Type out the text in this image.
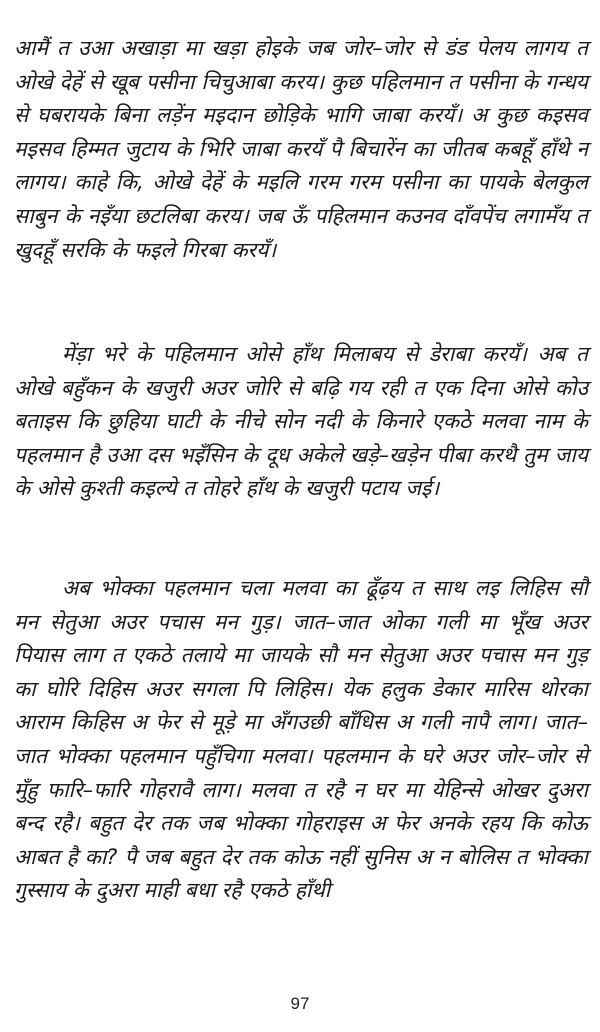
आमैं त उआ अखाड़ा मा खड़ा होइके जब जोर–जोर से डंड पेलय लागय त ओखे देहें से खूब पसीना चिचुआबा करय। कुछ पहिलमान त पसीना के गन्धय से घबरायके बिना लड़ेंन मइदान छोड़िके भागि जाबा करयँ। अ कुछ कइसव मइसव हिम्मत जुटाय के भिरि जाबा करयँ पै बिचारेंन का जीतब कबहूँ हाँथे न लागय। काहे कि, ओखे देहें के मइलि गरम गरम पसीना का पायके बेलकुल साबुन के नइँया छटलिबा करय। जब ऊँ पहिलमान कउनव दाँवपेंच लगामँय त खुदहूँ सरकि के फइले गिरबा करयँ।

मेंड़ा भरे के पहिलमान ओसे हाँथ मिलाबय से डेराबा करयँ। अब त ओखे बहुँकन के खजुरी अउर जोरि से बढ़ि गय रही त एक दिना ओसे कोउ बताइस कि छुहिया घाटी के नीचे सोन नदी के किनारे एकठे मलवा नाम के पहलमान है उआ दस भइँसिन के दूध अकेले खड़े–खड़ेन पीबा करथै तुम जाय के ओसे कुश्ती कइल्ये त तोहरे हाँथ के खजुरी पटाय जई।

अब भोक्का पहलमान चला मलवा का ढूँढ़य त साथ लइ लिहिस सौ मन सेतुआ अउर पचास मन गुड़। जात–जात ओका गली मा भूँख अउर पियास लाग त एकठे तलाये मा जायके सौ मन सेतुआ अउर पचास मन गुड़ का घोरि दिहिस अउर सगला पि लिहिस। येक हलुक डेकार मारिस थोरका आराम किहिस अ फेर से मूड़े मा अँगउछी बाँधिस अ गली नापै लाग। जात–जात भोक्का पहलमान पहुँचिगा मलवा। पहलमान के घरे अउर जोर–जोर से मुँहु फारि–फारि गोहरावै लाग। मलवा त रहै न घर मा येहिन्से ओखर दुअरा बन्द रहै। बहुत देर तक जब भोक्का गोहराइस अ फेर अनके रहय कि कोऊ आबत है का? पै जब बहुत देर तक कोऊ नहीं सुनिस अ न बोलिस त भोक्का गुस्साय के दुअरा माही बधा रहै एकठे हाँथी

97
